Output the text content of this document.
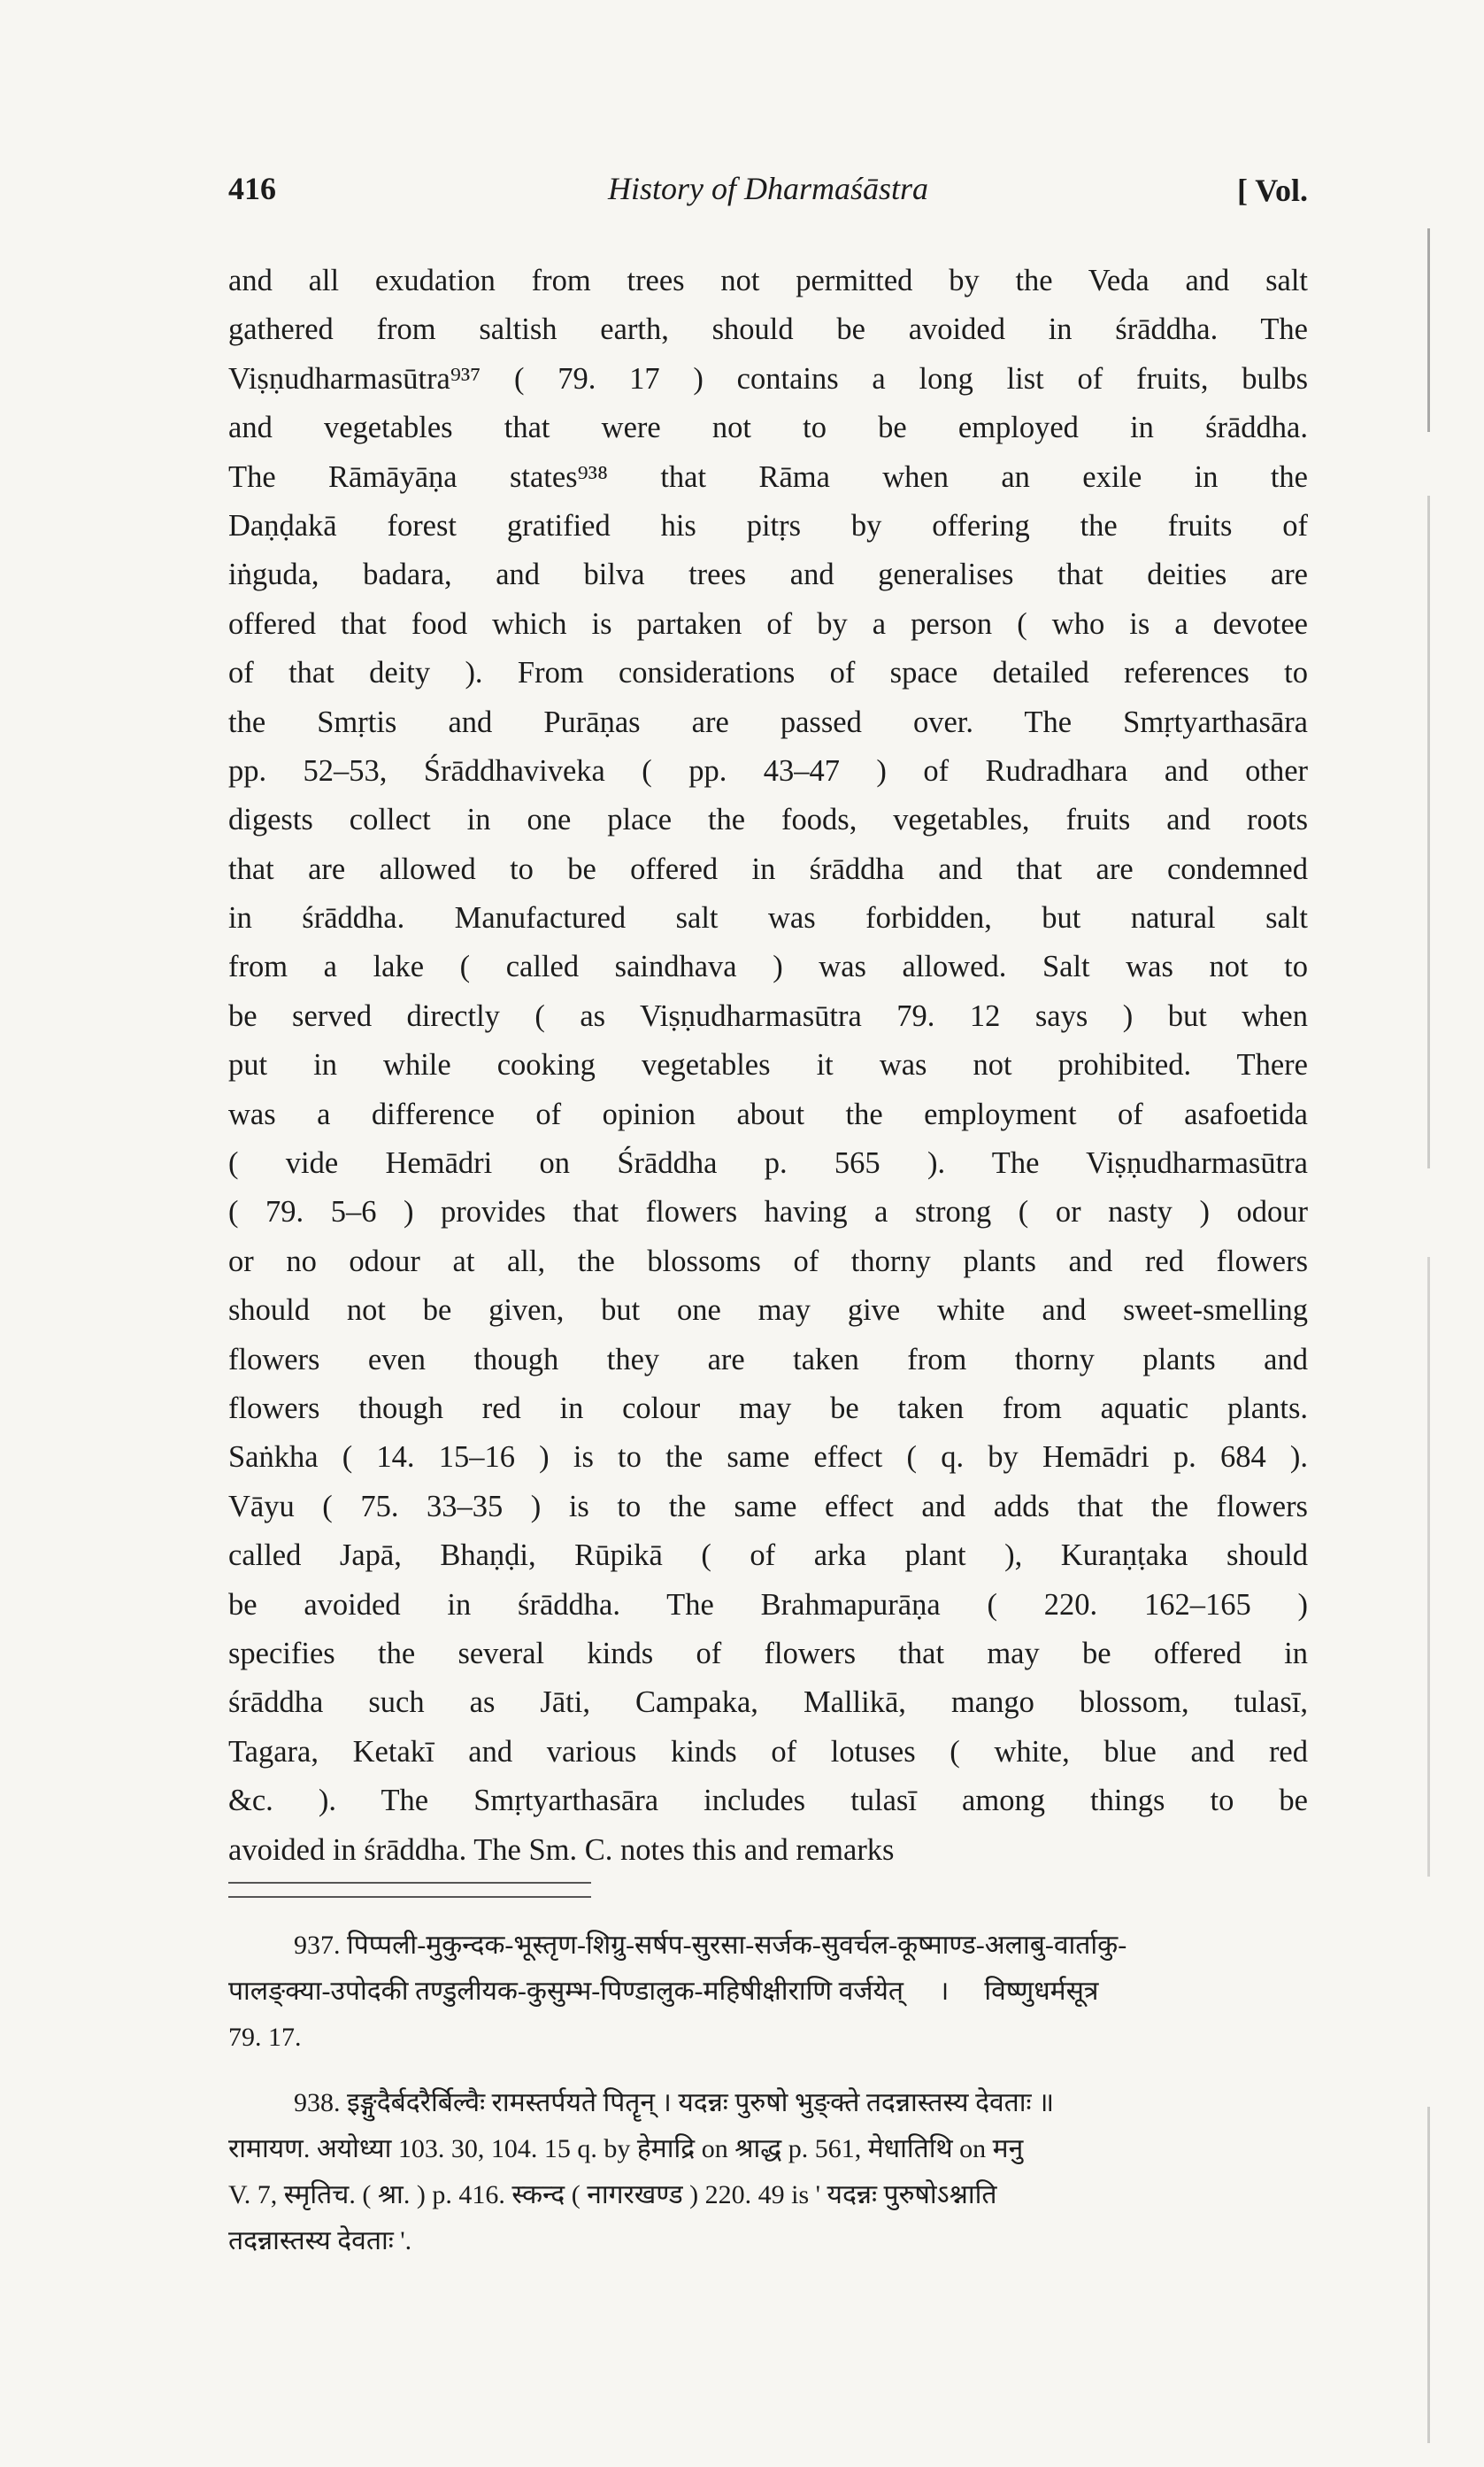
416	History of Dharmaśāstra	[ Vol.
and all exudation from trees not permitted by the Veda and salt
gathered from saltish earth, should be avoided in śrāddha. The
Viṣṇudharmasūtra⁹³⁷ ( 79. 17 ) contains a long list of fruits, bulbs
and vegetables that were not to be employed in śrāddha.
The Rāmāyāṇa states⁹³⁸ that Rāma when an exile in the
Daṇḍakā forest gratified his pitṛs by offering the fruits of
iṅguda, badara, and bilva trees and generalises that deities are
offered that food which is partaken of by a person ( who is a devotee
of that deity ). From considerations of space detailed references to
the Smṛtis and Purāṇas are passed over. The Smṛtyarthasāra
pp. 52–53, Śrāddhaviveka ( pp. 43–47 ) of Rudradhara and other
digests collect in one place the foods, vegetables, fruits and roots
that are allowed to be offered in śrāddha and that are condemned
in śrāddha. Manufactured salt was forbidden, but natural salt
from a lake ( called saindhava ) was allowed. Salt was not to
be served directly ( as Viṣṇudharmasūtra 79. 12 says ) but when
put in while cooking vegetables it was not prohibited. There
was a difference of opinion about the employment of asafoetida
( vide Hemādri on Śrāddha p. 565 ). The Viṣṇudharmasūtra
( 79. 5–6 ) provides that flowers having a strong ( or nasty ) odour
or no odour at all, the blossoms of thorny plants and red flowers
should not be given, but one may give white and sweet-smelling
flowers even though they are taken from thorny plants and
flowers though red in colour may be taken from aquatic plants.
Saṅkha ( 14. 15–16 ) is to the same effect ( q. by Hemādri p. 684 ).
Vāyu ( 75. 33–35 ) is to the same effect and adds that the flowers
called Japā, Bhaṇḍi, Rūpikā ( of arka plant ), Kuraṇṭaka should
be avoided in śrāddha. The Brahmapurāṇa ( 220. 162–165 )
specifies the several kinds of flowers that may be offered in
śrāddha such as Jāti, Campaka, Mallikā, mango blossom, tulasī,
Tagara, Ketakī and various kinds of lotuses ( white, blue and red
&c. ). The Smṛtyarthasāra includes tulasī among things to be
avoided in śrāddha. The Sm. C. notes this and remarks
937. पिप्पली-मुकुन्दक-भूस्तृण-शिग्रु-सर्षप-सुरसा-सर्जक-सुवर्चल-कूष्माण्ड-अलाबु-वार्ताकु-
पालङ्क्या-उपोदकी तण्डुलीयक-कुसुम्भ-पिण्डालुक-महिषीक्षीराणि वर्जयेत् । विष्णुधर्मसूत्र
79. 17.
938. इङ्गुदैर्बदरैर्बिल्वैः रामस्तर्पयते पितॄन् । यदन्नः पुरुषो भुङ्क्ते तदन्नास्तस्य देवताः ॥
रामायण. अयोध्या 103. 30, 104. 15 q. by हेमाद्रि on श्राद्ध p. 561, मेधातिथि on मनु
V. 7, स्मृतिच. ( श्रा. ) p. 416. स्कन्द ( नागरखण्ड ) 220. 49 is ' यदन्नः पुरुषोऽश्नाति
तदन्नास्तस्य देवताः '.
